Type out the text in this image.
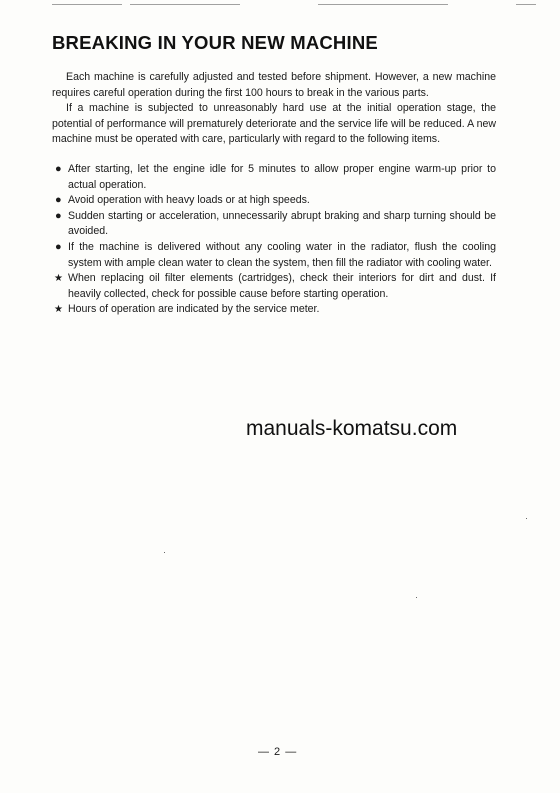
BREAKING IN YOUR NEW MACHINE

Each machine is carefully adjusted and tested before shipment. However, a new machine requires careful operation during the first 100 hours to break in the various parts.

If a machine is subjected to unreasonably hard use at the initial operation stage, the potential of performance will prematurely deteriorate and the service life will be reduced. A new machine must be operated with care, particularly with regard to the following items.

● After starting, let the engine idle for 5 minutes to allow proper engine warm-up prior to actual operation.
● Avoid operation with heavy loads or at high speeds.
● Sudden starting or acceleration, unnecessarily abrupt braking and sharp turning should be avoided.
● If the machine is delivered without any cooling water in the radiator, flush the cooling system with ample clean water to clean the system, then fill the radiator with cooling water.
★ When replacing oil filter elements (cartridges), check their interiors for dirt and dust. If heavily collected, check for possible cause before starting operation.
★ Hours of operation are indicated by the service meter.
manuals-komatsu.com
— 2 —
